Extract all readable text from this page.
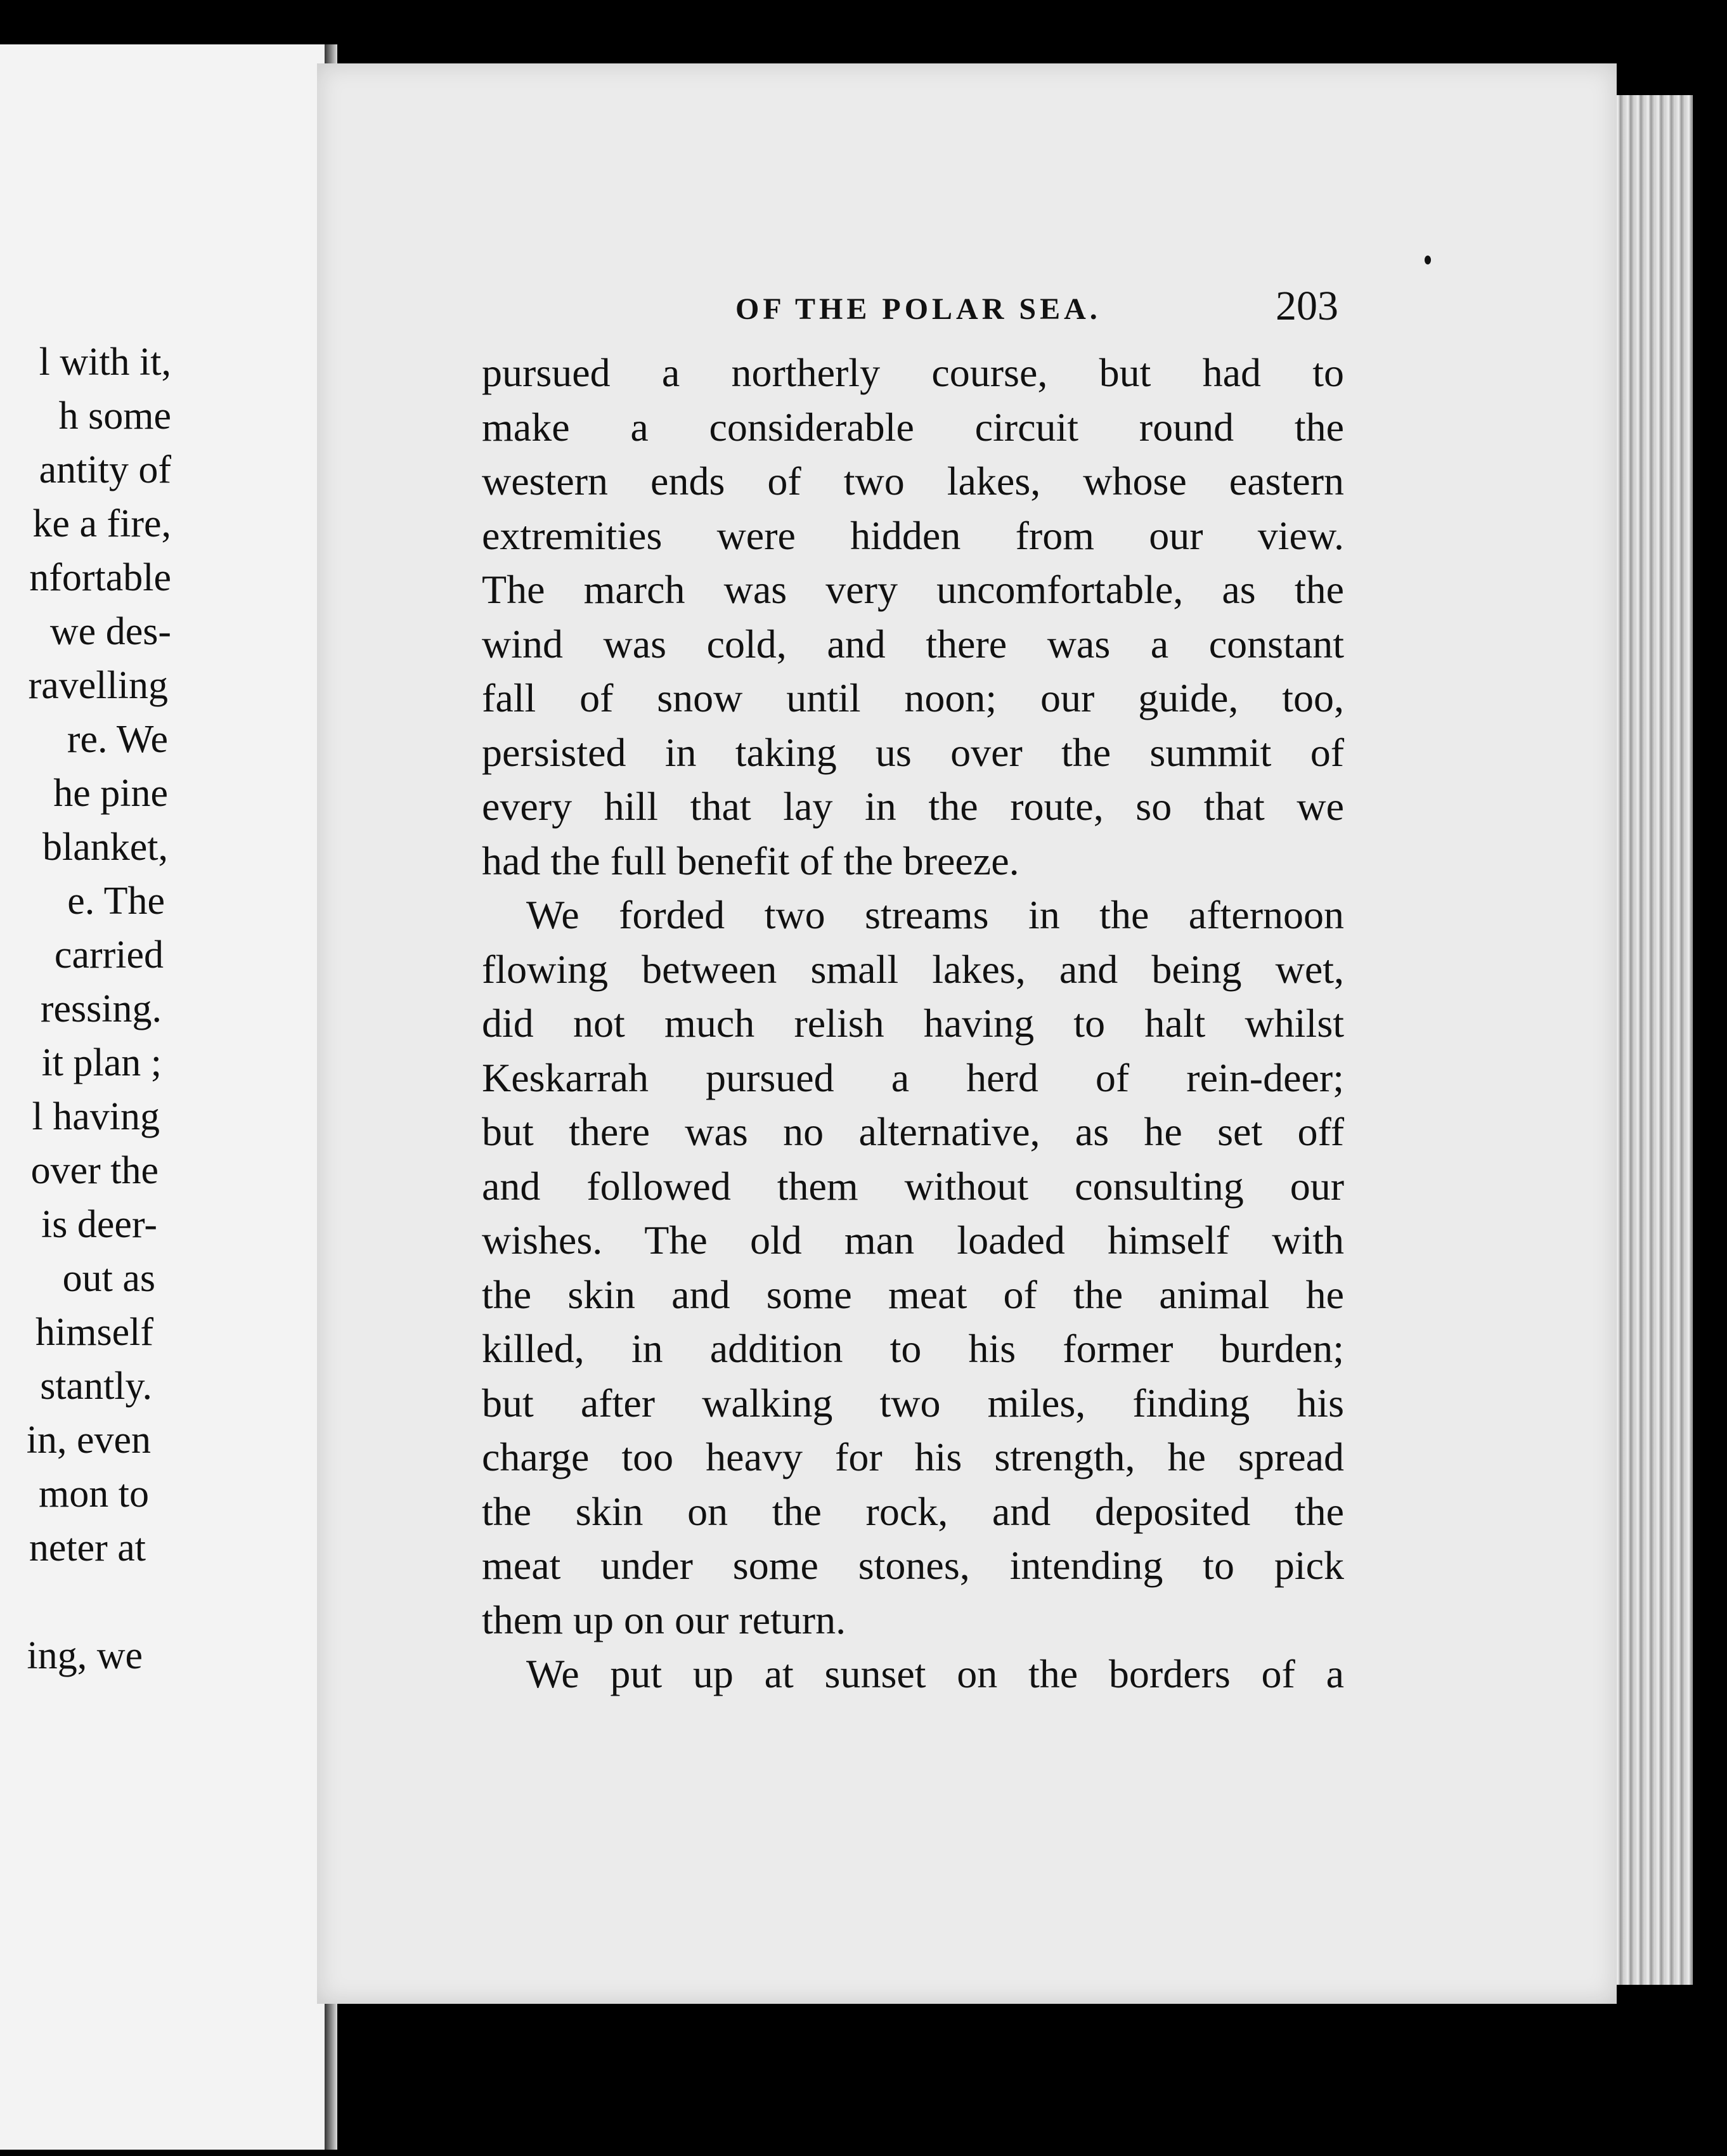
l with it,
h some
antity of
ke a fire,
nfortable
we des-
ravelling
re. We
he pine
blanket,
e. The
carried
ressing.
it plan ;
l having
over the
is deer-
out as
himself
stantly.
in, even
mon to
neter at
ing, we
OF THE POLAR SEA.	203
pursued a northerly course, but had to
make a considerable circuit round the
western ends of two lakes, whose eastern
extremities were hidden from our view.
The march was very uncomfortable, as the
wind was cold, and there was a constant
fall of snow until noon; our guide, too,
persisted in taking us over the summit of
every hill that lay in the route, so that we
had the full benefit of the breeze.
We forded two streams in the afternoon
flowing between small lakes, and being wet,
did not much relish having to halt whilst
Keskarrah pursued a herd of rein-deer;
but there was no alternative, as he set off
and followed them without consulting our
wishes. The old man loaded himself with
the skin and some meat of the animal he
killed, in addition to his former burden;
but after walking two miles, finding his
charge too heavy for his strength, he spread
the skin on the rock, and deposited the
meat under some stones, intending to pick
them up on our return.
We put up at sunset on the borders of a
